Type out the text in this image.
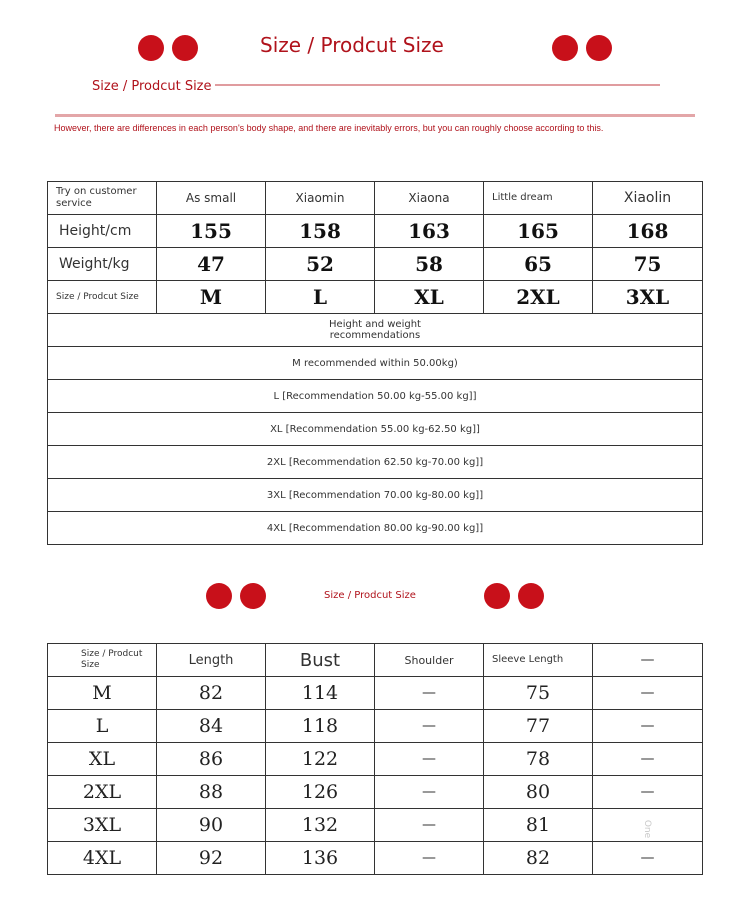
Size / Prodcut Size
Size / Prodcut Size
However, there are differences in each person's body shape, and there are inevitably errors, but you can roughly choose according to this.
Try on customer service	As small	Xiaomin	Xiaona	Little dream	Xiaolin
Height/cm	155	158	163	165	168
Weight/kg	47	52	58	65	75
Size / Prodcut Size	M	L	XL	2XL	3XL

Height and weight recommendations					

M recommended within 50.00kg)					
L [Recommendation 50.00 kg-55.00 kg]]					
XL [Recommendation 55.00 kg-62.50 kg]]					
2XL [Recommendation 62.50 kg-70.00 kg]]					
3XL [Recommendation 70.00 kg-80.00 kg]]					
4XL [Recommendation 80.00 kg-90.00 kg]]					
Size / Prodcut Size
Size / Prodcut Size	Length	Bust	Shoulder	Sleeve Length	—
M	82	114	—	75	—
L	84	118	—	77	—
XL	86	122	—	78	—
2XL	88	126	—	80	—
3XL	90	132	—	81	One
4XL	92	136	—	82	—
